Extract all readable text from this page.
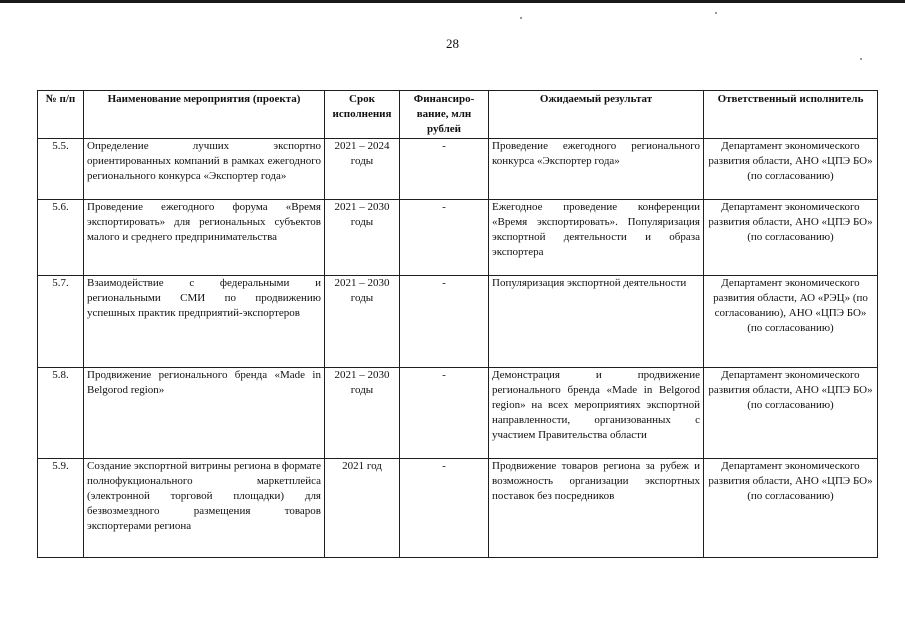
28
№ п/п	Наименование мероприятия (проекта)	Срок исполнения	Финансиро-вание, млн рублей	Ожидаемый результат	Ответственный исполнитель
5.5.	Определение лучших экспортно ориентированных компаний в рамках ежегодного регионального конкурса «Экспортер года»	2021 – 2024 годы	-	Проведение ежегодного регионального конкурса «Экспортер года»	Департамент экономического развития области, АНО «ЦПЭ БО» (по согласованию)
5.6.	Проведение ежегодного форума «Время экспортировать» для региональных субъектов малого и среднего предпринимательства	2021 – 2030 годы	-	Ежегодное проведение конференции «Время экспортировать». Популяризация экспортной деятельности и образа экспортера	Департамент экономического развития области, АНО «ЦПЭ БО» (по согласованию)
5.7.	Взаимодействие с федеральными и региональными СМИ по продвижению успешных практик предприятий-экспортеров	2021 – 2030 годы	-	Популяризация экспортной деятельности	Департамент экономического развития области, АО «РЭЦ» (по согласованию), АНО «ЦПЭ БО» (по согласованию)
5.8.	Продвижение регионального бренда «Made in Belgorod region»	2021 – 2030 годы	-	Демонстрация и продвижение регионального бренда «Made in Belgorod region» на всех мероприятиях экспортной направленности, организованных с участием Правительства области	Департамент экономического развития области, АНО «ЦПЭ БО» (по согласованию)
5.9.	Создание экспортной витрины региона в формате полнофукционального маркетплейса (электронной торговой площадки) для безвозмездного размещения товаров экспортерами региона	2021 год	-	Продвижение товаров региона за рубеж и возможность организации экспортных поставок без посредников	Департамент экономического развития области, АНО «ЦПЭ БО» (по согласованию)
